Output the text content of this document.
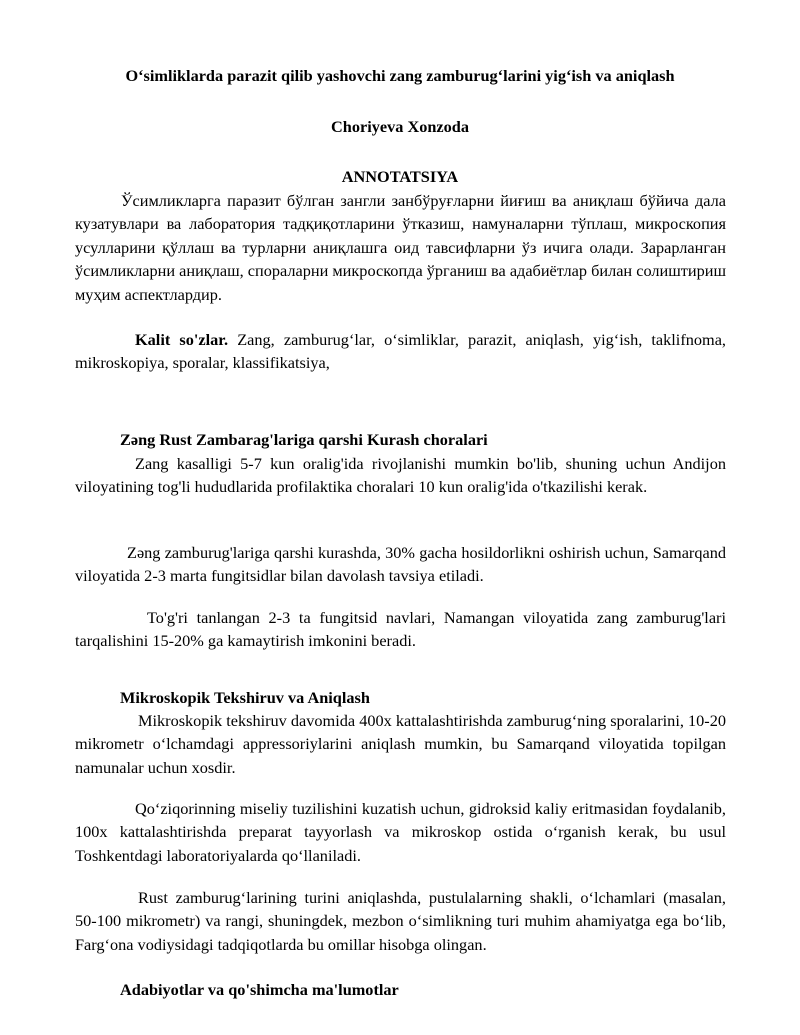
O‘simliklarda parazit qilib yashovchi zang zamburug‘larini yig‘ish va aniqlash

Choriyeva Xonzoda

ANNOTATSIYA

Ўсимликларга паразит бўлган зангли занбўруғларни йиғиш ва аниқлаш бўйича дала кузатувлари ва лаборатория тадқиқотларини ўтказиш, намуналарни тўплаш, микроскопия усулларини қўллаш ва турларни аниқлашга оид тавсифларни ўз ичига олади. Зарарланган ўсимликларни аниқлаш, спораларни микроскопда ўрганиш ва адабиётлар билан солиштириш муҳим аспектлардир.

Kalit so'zlar. Zang, zamburug‘lar, o‘simliklar, parazit, aniqlash, yig‘ish, taklifnoma, mikroskopiya, sporalar, klassifikatsiya,

Zəng Rust Zambarag'lariga qarshi Kurash choralari

Zang kasalligi 5-7 kun oralig'ida rivojlanishi mumkin bo'lib, shuning uchun Andijon viloyatining tog'li hududlarida profilaktika choralari 10 kun oralig'ida o'tkazilishi kerak.

Zəng zamburug'lariga qarshi kurashda, 30% gacha hosildorlikni oshirish uchun, Samarqand viloyatida 2-3 marta fungitsidlar bilan davolash tavsiya etiladi.

To'g'ri tanlangan 2-3 ta fungitsid navlari, Namangan viloyatida zang zamburug'lari tarqalishini 15-20% ga kamaytirish imkonini beradi.

Mikroskopik Tekshiruv va Aniqlash

Mikroskopik tekshiruv davomida 400x kattalashtirishda zamburug‘ning sporalarini, 10-20 mikrometr o‘lchamdagi appressoriylarini aniqlash mumkin, bu Samarqand viloyatida topilgan namunalar uchun xosdir.

Qo‘ziqorinning miseliy tuzilishini kuzatish uchun, gidroksid kaliy eritmasidan foydalanib, 100x kattalashtirishda preparat tayyorlash va mikroskop ostida o‘rganish kerak, bu usul Toshkentdagi laboratoriyalarda qo‘llaniladi.

Rust zamburug‘larining turini aniqlashda, pustulalarning shakli, o‘lchamlari (masalan, 50-100 mikrometr) va rangi, shuningdek, mezbon o‘simlikning turi muhim ahamiyatga ega bo‘lib, Farg‘ona vodiysidagi tadqiqotlarda bu omillar hisobga olingan.

Adabiyotlar va qo'shimcha ma'lumotlar
